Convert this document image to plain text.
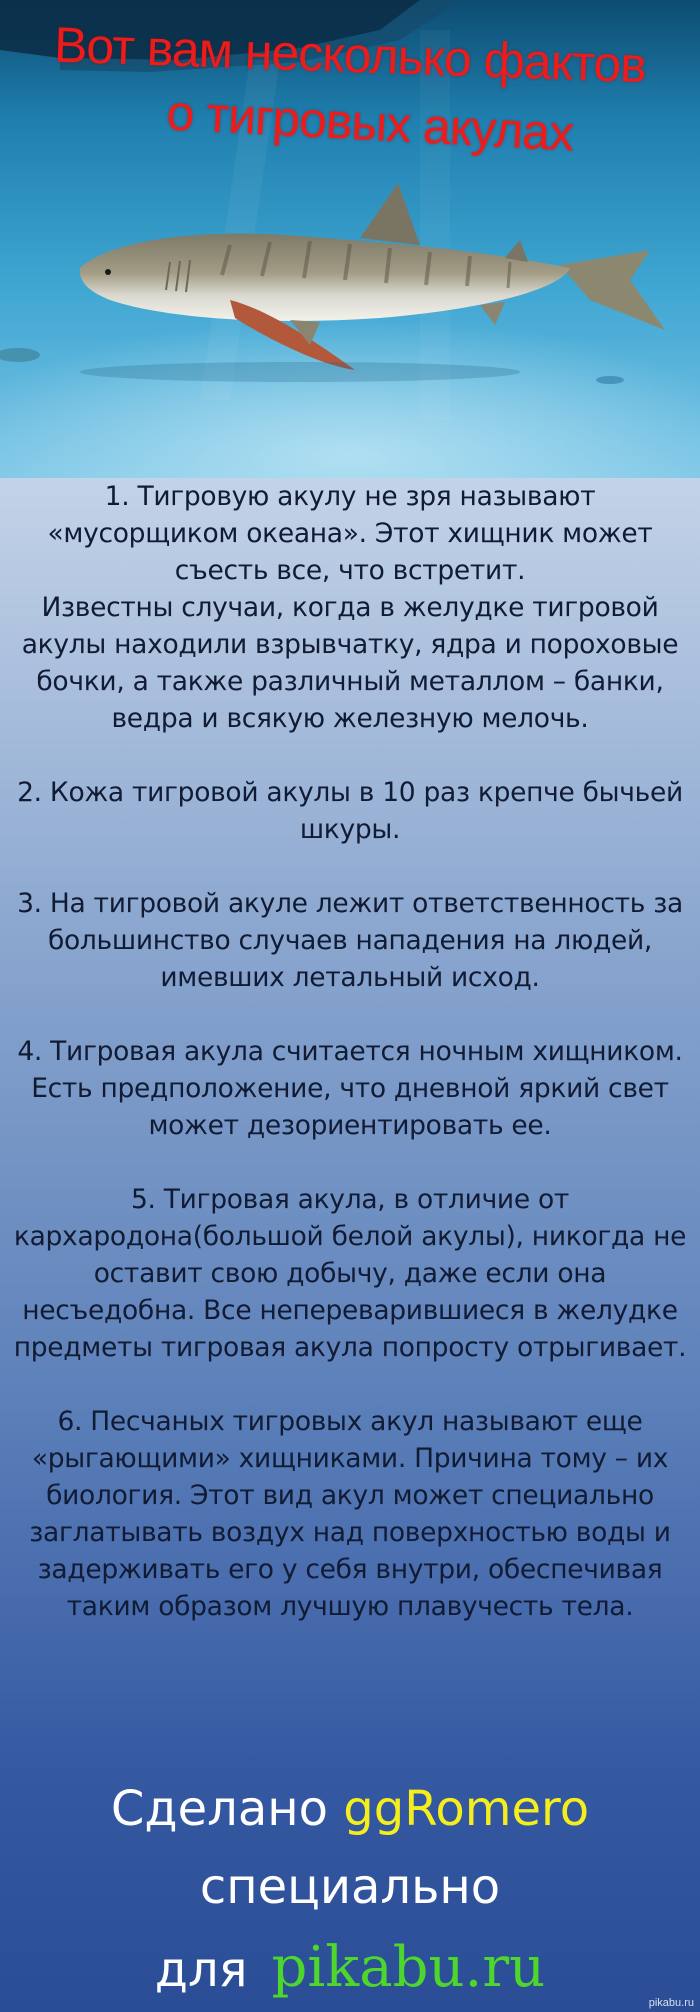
Вот вам несколько фактов
о тигровых акулах

1. Тигровую акулу не зря называют «мусорщиком океана». Этот хищник может съесть все, что встретит.

Известны случаи, когда в желудке тигровой акулы находили взрывчатку, ядра и пороховые бочки, а также различный металлом – банки, ведра и всякую железную мелочь.

2. Кожа тигровой акулы в 10 раз крепче бычьей шкуры.

3. На тигровой акуле лежит ответственность за большинство случаев нападения на людей, имевших летальный исход.

4. Тигровая акула считается ночным хищником. Есть предположение, что дневной яркий свет может дезориентировать ее.

5. Тигровая акула, в отличие от кархародона(большой белой акулы), никогда не оставит свою добычу, даже если она несъедобна. Все непереварившиеся в желудке предметы тигровая акула попросту отрыгивает.

6. Песчаных тигровых акул называют еще «рыгающими» хищниками. Причина тому – их биология. Этот вид акул может специально заглатывать воздух над поверхностью воды и задерживать его у себя внутри, обеспечивая таким образом лучшую плавучесть тела.

Сделано ggRomero
специально
для pikabu.ru
pikabu.ru
